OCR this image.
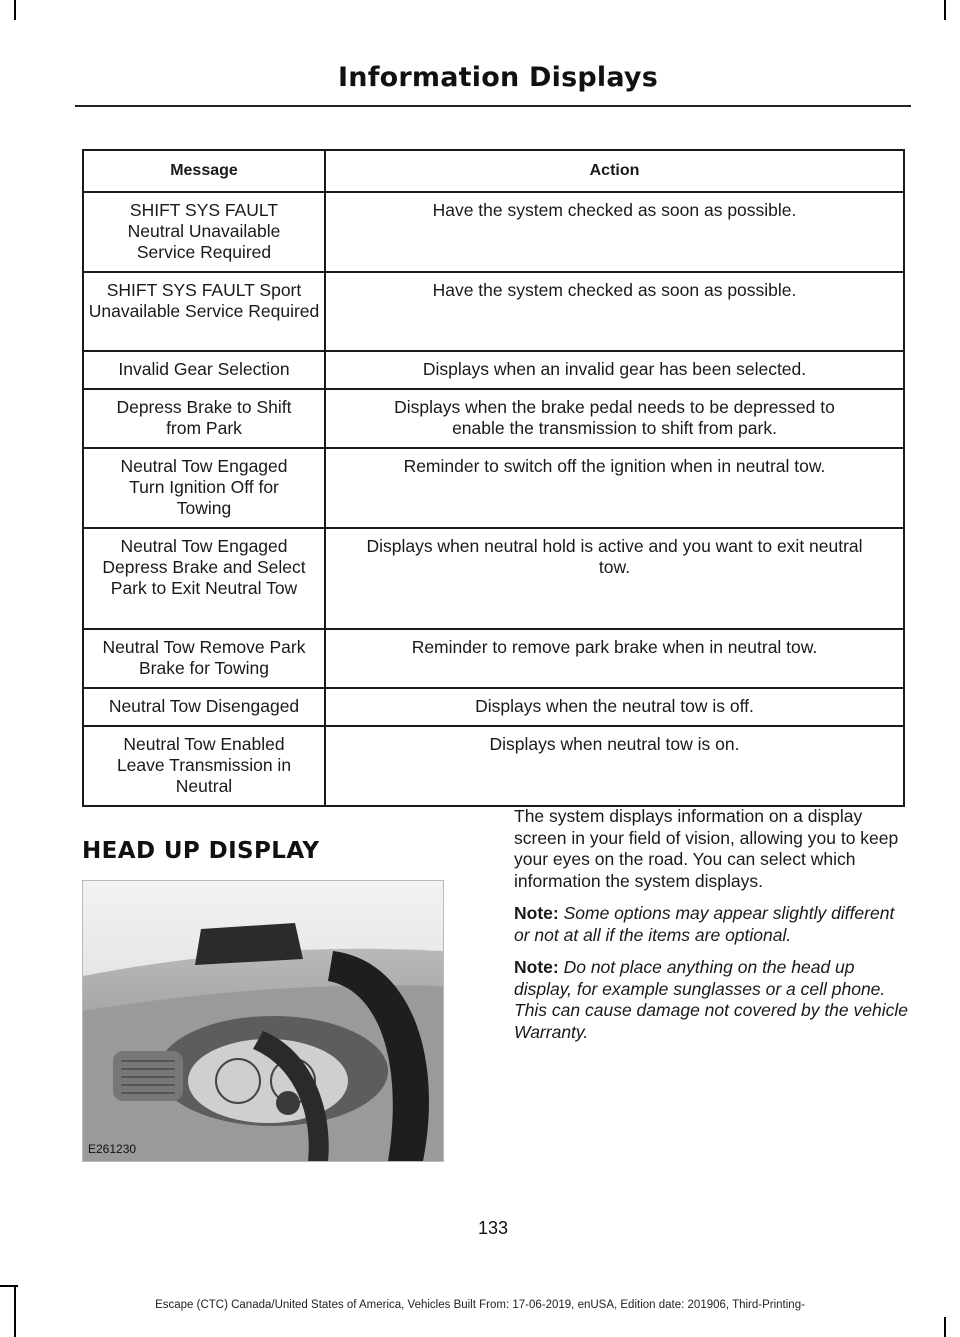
Information Displays
Message	Action
SHIFT SYS FAULT Neutral Unavailable Service Required	Have the system checked as soon as possible.
SHIFT SYS FAULT Sport Unavailable Service Required	Have the system checked as soon as possible.
Invalid Gear Selection	Displays when an invalid gear has been selected.
Depress Brake to Shift from Park	Displays when the brake pedal needs to be depressed to enable the transmission to shift from park.
Neutral Tow Engaged Turn Ignition Off for Towing	Reminder to switch off the ignition when in neutral tow.
Neutral Tow Engaged Depress Brake and Select Park to Exit Neutral Tow	Displays when neutral hold is active and you want to exit neutral tow.
Neutral Tow Remove Park Brake for Towing	Reminder to remove park brake when in neutral tow.
Neutral Tow Disengaged	Displays when the neutral tow is off.
Neutral Tow Enabled Leave Transmission in Neutral	Displays when neutral tow is on.
HEAD UP DISPLAY
E261230

The system displays information on a display screen in your field of vision, allowing you to keep your eyes on the road. You can select which information the system displays.

Note: Some options may appear slightly different or not at all if the items are optional.

Note: Do not place anything on the head up display, for example sunglasses or a cell phone. This can cause damage not covered by the vehicle Warranty.

133
Escape (CTC) Canada/United States of America, Vehicles Built From: 17-06-2019, enUSA, Edition date: 201906, Third-Printing-
